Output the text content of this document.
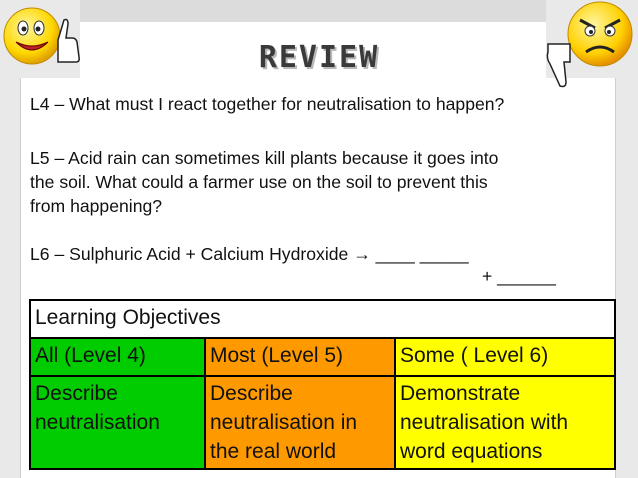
REVIEW

L4 – What must I react together for neutralisation to happen?

L5 – Acid rain can sometimes kill plants because it goes into

the soil. What could a farmer use on the soil to prevent this

from happening?

L6 – Sulphuric Acid + Calcium Hydroxide → ____ _____

+ ______
Learning Objectives		
All (Level 4)	Most (Level 5)	Some ( Level 6)
Describe neutralisation	Describe neutralisation in the real world	Demonstrate neutralisation with word equations
